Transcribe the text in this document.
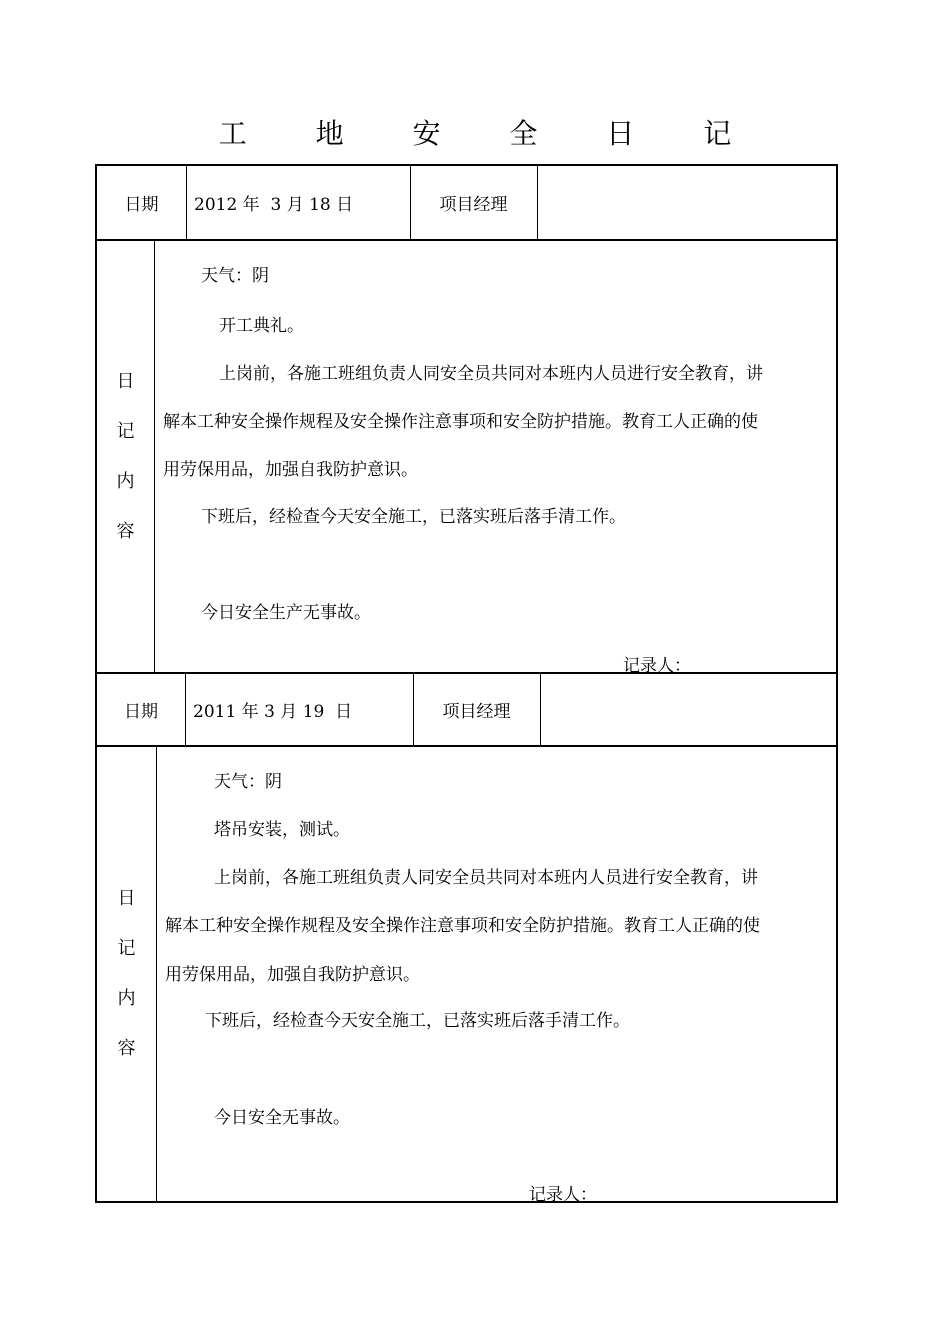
工 地 安 全 日 记
日期	2012 年  3 月 18 日	项目经理
日
记
内
容
天气：阴
开工典礼。
上岗前，各施工班组负责人同安全员共同对本班内人员进行安全教育，讲
解本工种安全操作规程及安全操作注意事项和安全防护措施。教育工人正确的使
用劳保用品，加强自我防护意识。
下班后，经检查今天安全施工，已落实班后落手清工作。
今日安全生产无事故。
记录人：
日期	2011 年 3 月 19  日	项目经理
日
记
内
容
天气：阴
塔吊安装，测试。
上岗前，各施工班组负责人同安全员共同对本班内人员进行安全教育，讲
解本工种安全操作规程及安全操作注意事项和安全防护措施。教育工人正确的使
用劳保用品，加强自我防护意识。
下班后，经检查今天安全施工，已落实班后落手清工作。
今日安全无事故。
记录人：
